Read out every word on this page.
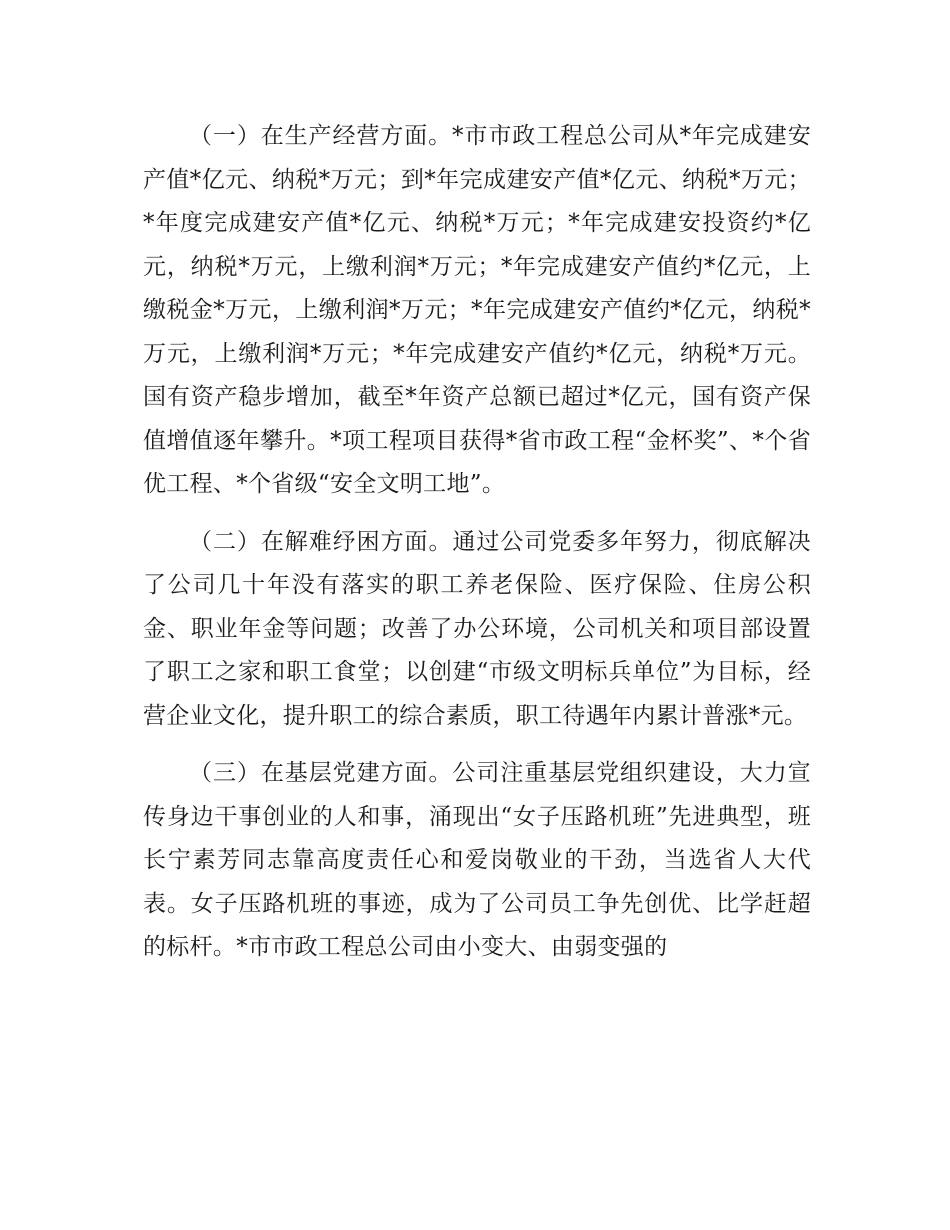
（一）在生产经营方面。*市市政工程总公司从*年完成建安产值*亿元、纳税*万元；到*年完成建安产值*亿元、纳税*万元；*年度完成建安产值*亿元、纳税*万元；*年完成建安投资约*亿元，纳税*万元，上缴利润*万元；*年完成建安产值约*亿元，上缴税金*万元，上缴利润*万元；*年完成建安产值约*亿元，纳税*万元，上缴利润*万元；*年完成建安产值约*亿元，纳税*万元。国有资产稳步增加，截至*年资产总额已超过*亿元，国有资产保值增值逐年攀升。*项工程项目获得*省市政工程“金杯奖”、*个省优工程、*个省级“安全文明工地”。

（二）在解难纾困方面。通过公司党委多年努力，彻底解决了公司几十年没有落实的职工养老保险、医疗保险、住房公积金、职业年金等问题；改善了办公环境，公司机关和项目部设置了职工之家和职工食堂；以创建“市级文明标兵单位”为目标，经营企业文化，提升职工的综合素质，职工待遇年内累计普涨*元。

（三）在基层党建方面。公司注重基层党组织建设，大力宣传身边干事创业的人和事，涌现出“女子压路机班”先进典型，班长宁素芳同志靠高度责任心和爱岗敬业的干劲，当选省人大代表。女子压路机班的事迹，成为了公司员工争先创优、比学赶超的标杆。*市市政工程总公司由小变大、由弱变强的
